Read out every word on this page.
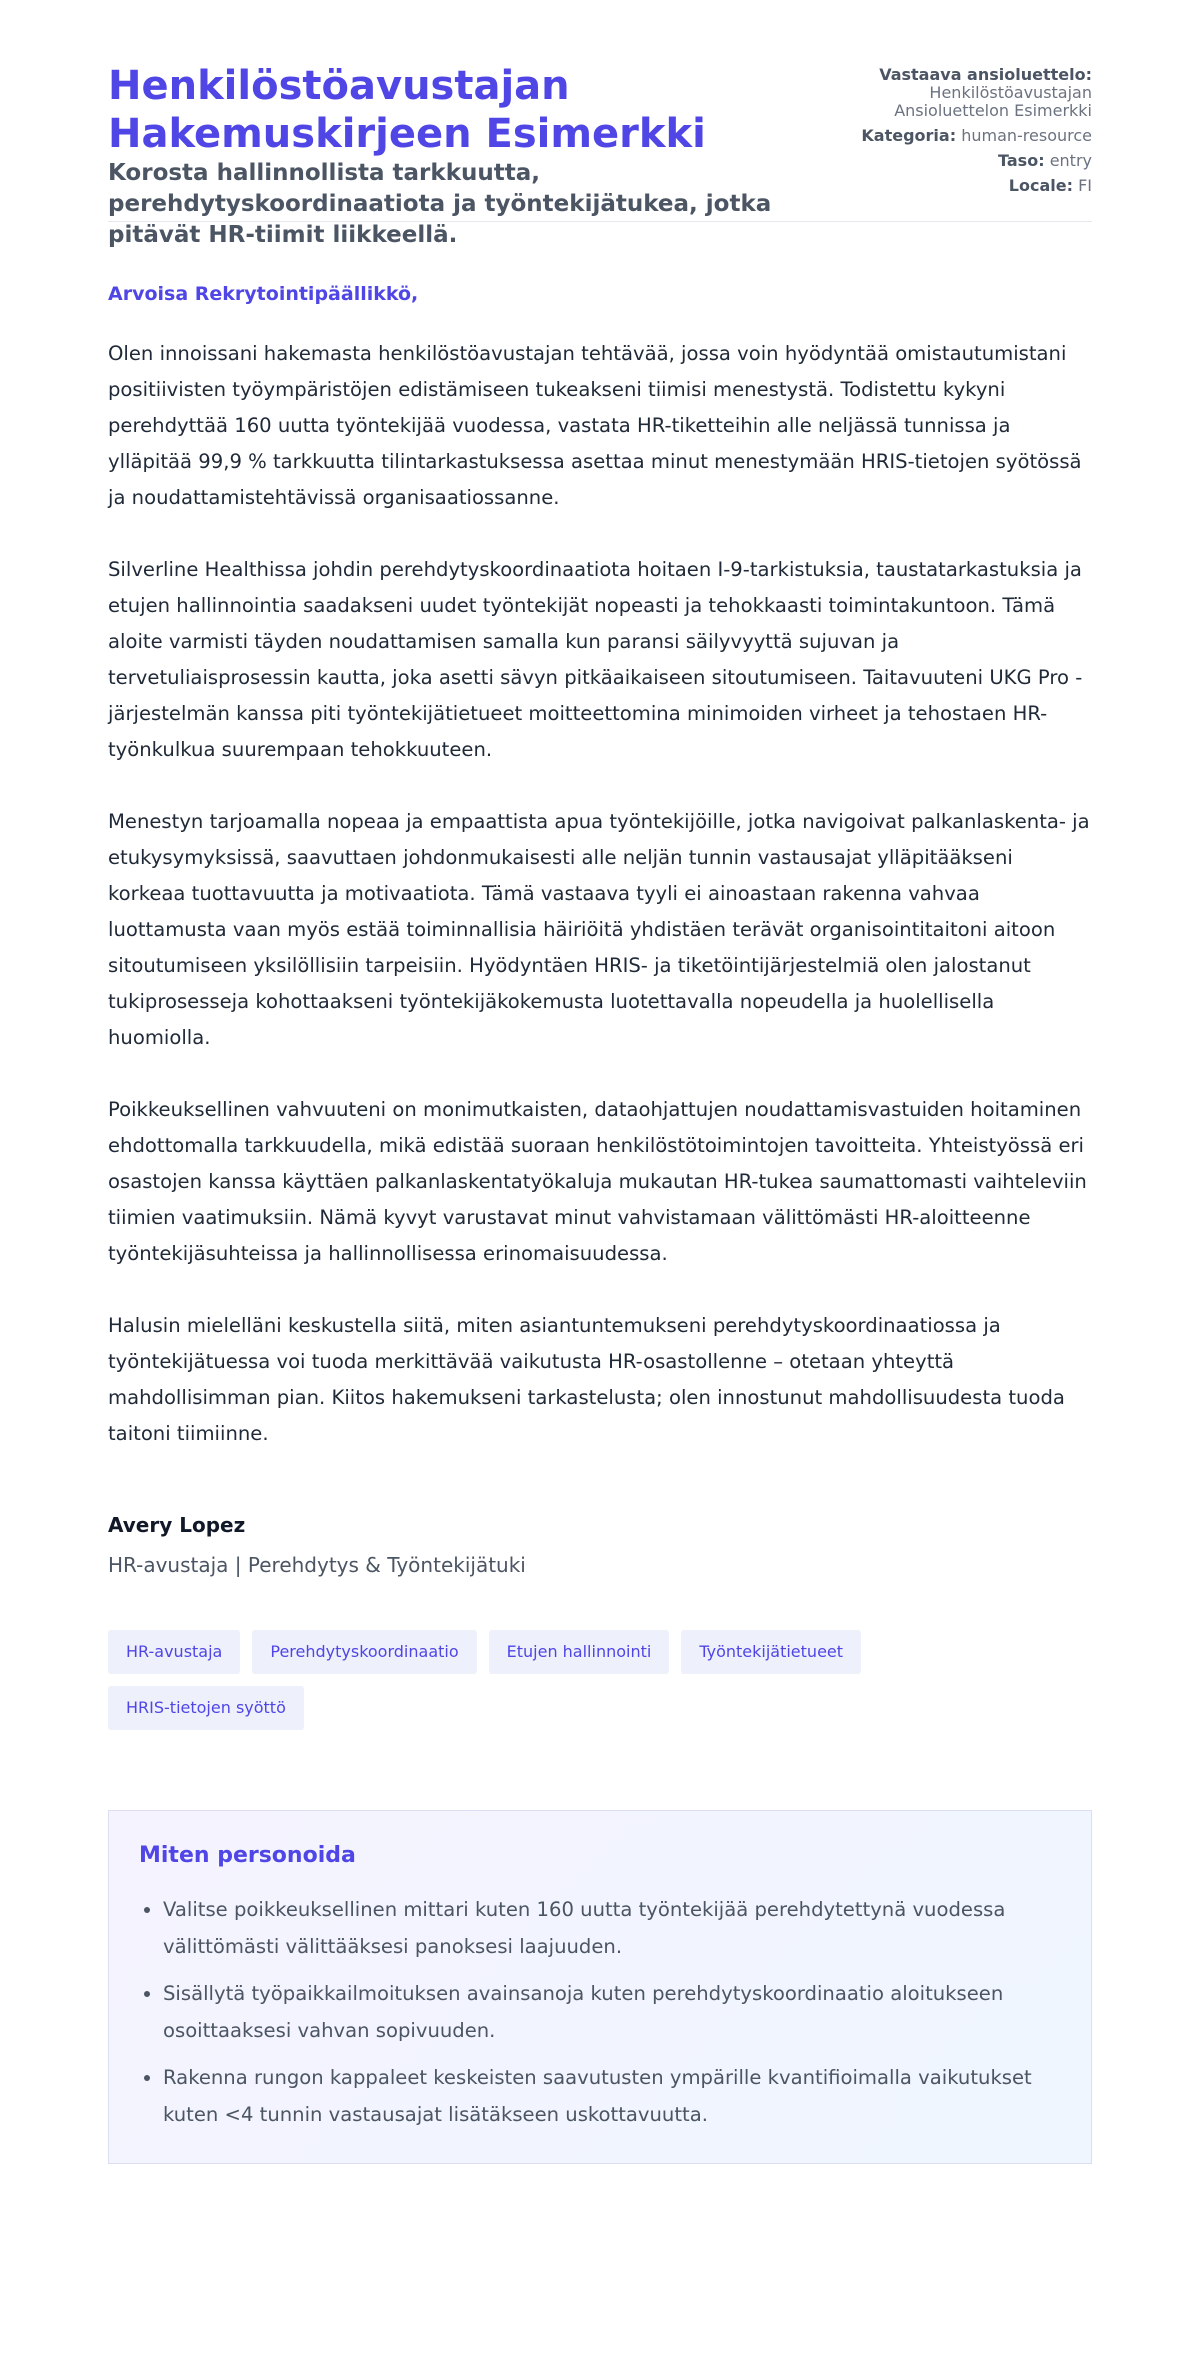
Henkilöstöavustajan Hakemuskirjeen Esimerkki
Korosta hallinnollista tarkkuutta, perehdytyskoordinaatiota ja työntekijätukea, jotka pitävät HR-tiimit liikkeellä.
Vastaava ansioluettelo:
Henkilöstöavustajan
Ansioluettelon Esimerkki
Kategoria: human-resource
Taso: entry
Locale: FI

Arvoisa Rekrytointipäällikkö,

Olen innoissani hakemasta henkilöstöavustajan tehtävää, jossa voin hyödyntää omistautumistani positiivisten työympäristöjen edistämiseen tukeakseni tiimisi menestystä. Todistettu kykyni perehdyttää 160 uutta työntekijää vuodessa, vastata HR-tiketteihin alle neljässä tunnissa ja ylläpitää 99,9 % tarkkuutta tilintarkastuksessa asettaa minut menestymään HRIS-tietojen syötössä ja noudattamistehtävissä organisaatiossanne.

Silverline Healthissa johdin perehdytyskoordinaatiota hoitaen I-9-tarkistuksia, taustatarkastuksia ja etujen hallinnointia saadakseni uudet työntekijät nopeasti ja tehokkaasti toimintakuntoon. Tämä aloite varmisti täyden noudattamisen samalla kun paransi säilyvyyttä sujuvan ja tervetuliaisprosessin kautta, joka asetti sävyn pitkäaikaiseen sitoutumiseen. Taitavuuteni UKG Pro -järjestelmän kanssa piti työntekijätietueet moitteettomina minimoiden virheet ja tehostaen HR-työnkulkua suurempaan tehokkuuteen.

Menestyn tarjoamalla nopeaa ja empaattista apua työntekijöille, jotka navigoivat palkanlaskenta- ja etukysymyksissä, saavuttaen johdonmukaisesti alle neljän tunnin vastausajat ylläpitääkseni korkeaa tuottavuutta ja motivaatiota. Tämä vastaava tyyli ei ainoastaan rakenna vahvaa luottamusta vaan myös estää toiminnallisia häiriöitä yhdistäen terävät organisointitaitoni aitoon sitoutumiseen yksilöllisiin tarpeisiin. Hyödyntäen HRIS- ja tiketöintijärjestelmiä olen jalostanut tukiprosesseja kohottaakseni työntekijäkokemusta luotettavalla nopeudella ja huolellisella huomiolla.

Poikkeuksellinen vahvuuteni on monimutkaisten, dataohjattujen noudattamisvastuiden hoitaminen ehdottomalla tarkkuudella, mikä edistää suoraan henkilöstötoimintojen tavoitteita. Yhteistyössä eri osastojen kanssa käyttäen palkanlaskentatyökaluja mukautan HR-tukea saumattomasti vaihteleviin tiimien vaatimuksiin. Nämä kyvyt varustavat minut vahvistamaan välittömästi HR-aloitteenne työntekijäsuhteissa ja hallinnollisessa erinomaisuudessa.

Halusin mielelläni keskustella siitä, miten asiantuntemukseni perehdytyskoordinaatiossa ja työntekijätuessa voi tuoda merkittävää vaikutusta HR-osastollenne – otetaan yhteyttä mahdollisimman pian. Kiitos hakemukseni tarkastelusta; olen innostunut mahdollisuudesta tuoda taitoni tiimiinne.

Avery Lopez
HR-avustaja | Perehdytys & Työntekijätuki
HR-avustaja	Perehdytyskoordinaatio	Etujen hallinnointi	Työntekijätietueet
HRIS-tietojen syöttö
Miten personoida
• Valitse poikkeuksellinen mittari kuten 160 uutta työntekijää perehdytettynä vuodessa välittömästi välittääksesi panoksesi laajuuden.
• Sisällytä työpaikkailmoituksen avainsanoja kuten perehdytyskoordinaatio aloitukseen osoittaaksesi vahvan sopivuuden.
• Rakenna rungon kappaleet keskeisten saavutusten ympärille kvantifioimalla vaikutukset kuten <4 tunnin vastausajat lisätäkseen uskottavuutta.
